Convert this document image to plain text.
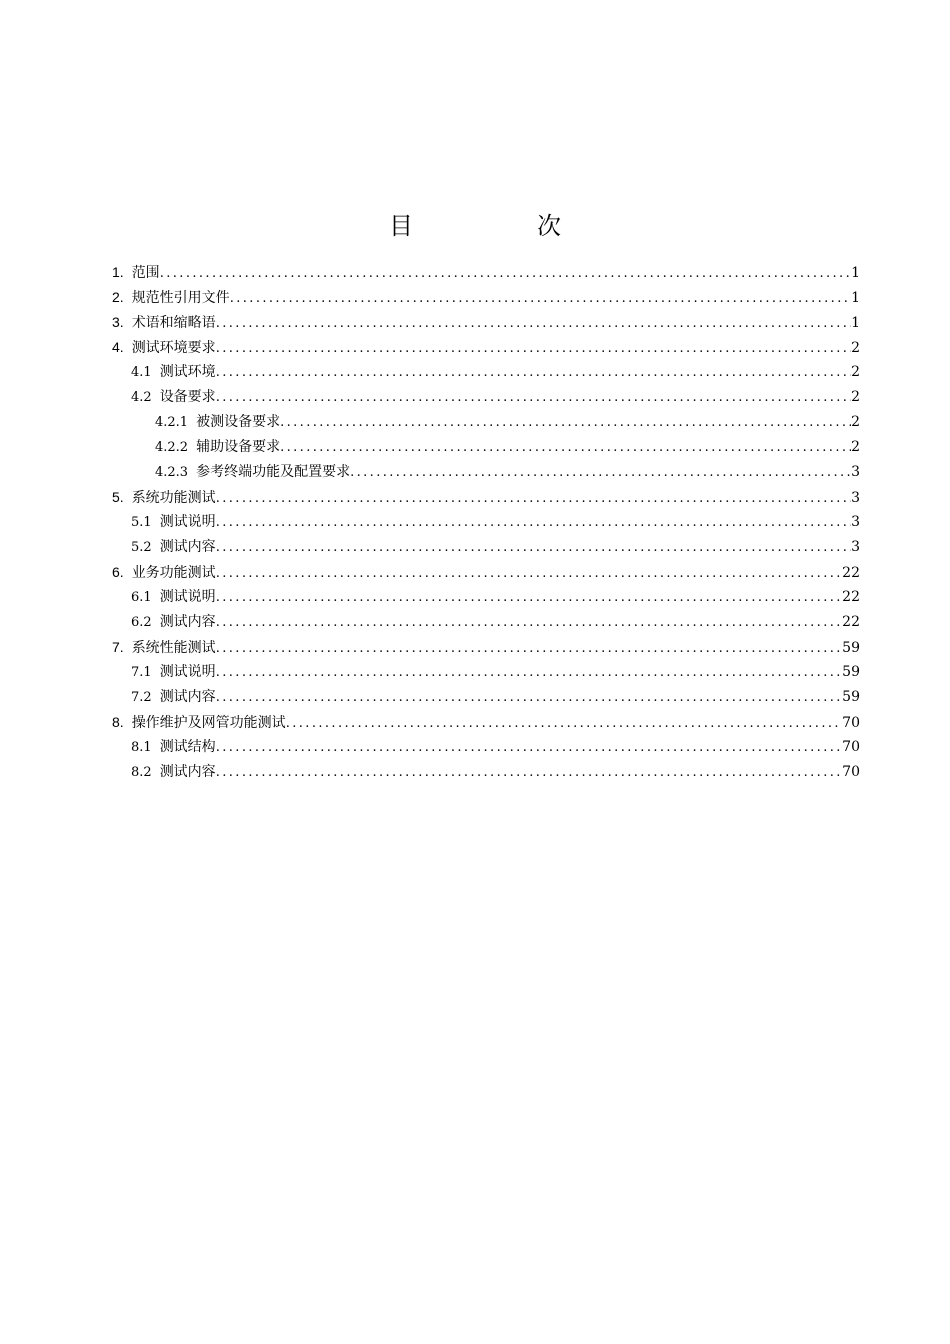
目　次
1. 范围 .....	1
2. 规范性引用文件 .....	1
3. 术语和缩略语 .....	1
4. 测试环境要求 .....	2
4.1 测试环境 .....	2
4.2 设备要求 .....	2
4.2.1 被测设备要求 .....	2
4.2.2 辅助设备要求 .....	2
4.2.3 参考终端功能及配置要求 .....	3
5. 系统功能测试 .....	3
5.1 测试说明 .....	3
5.2 测试内容 .....	3
6. 业务功能测试 .....	22
6.1 测试说明 .....	22
6.2 测试内容 .....	22
7. 系统性能测试 .....	59
7.1 测试说明 .....	59
7.2 测试内容 .....	59
8. 操作维护及网管功能测试 .....	70
8.1 测试结构 .....	70
8.2 测试内容 .....	70
